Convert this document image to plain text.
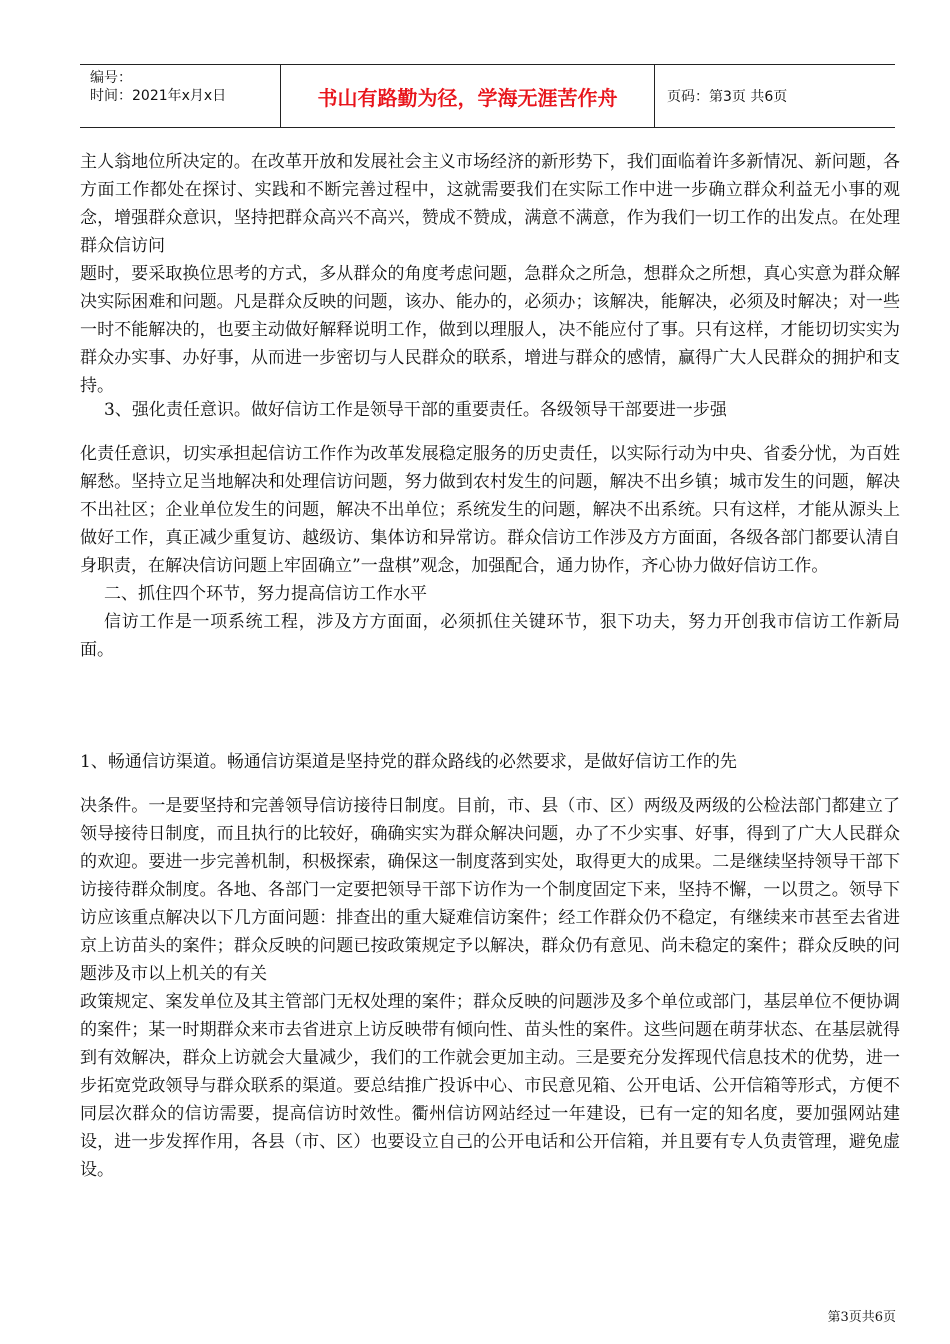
编号：
时间：2021年x月x日	书山有路勤为径，学海无涯苦作舟	页码：第3页 共6页

主人翁地位所决定的。在改革开放和发展社会主义市场经济的新形势下，我们面临着许多新情况、新问题，各方面工作都处在探讨、实践和不断完善过程中，这就需要我们在实际工作中进一步确立群众利益无小事的观念，增强群众意识，坚持把群众高兴不高兴，赞成不赞成，满意不满意，作为我们一切工作的出发点。在处理群众信访问

题时，要采取换位思考的方式，多从群众的角度考虑问题，急群众之所急，想群众之所想，真心实意为群众解决实际困难和问题。凡是群众反映的问题，该办、能办的，必须办；该解决，能解决，必须及时解决；对一些一时不能解决的，也要主动做好解释说明工作，做到以理服人，决不能应付了事。只有这样，才能切切实实为群众办实事、办好事，从而进一步密切与人民群众的联系，增进与群众的感情，赢得广大人民群众的拥护和支持。

3、强化责任意识。做好信访工作是领导干部的重要责任。各级领导干部要进一步强

化责任意识，切实承担起信访工作作为改革发展稳定服务的历史责任，以实际行动为中央、省委分忧，为百姓解愁。坚持立足当地解决和处理信访问题，努力做到农村发生的问题，解决不出乡镇；城市发生的问题，解决不出社区；企业单位发生的问题，解决不出单位；系统发生的问题，解决不出系统。只有这样，才能从源头上做好工作，真正减少重复访、越级访、集体访和异常访。群众信访工作涉及方方面面，各级各部门都要认清自身职责，在解决信访问题上牢固确立”一盘棋”观念，加强配合，通力协作，齐心协力做好信访工作。

二、抓住四个环节，努力提高信访工作水平

信访工作是一项系统工程，涉及方方面面，必须抓住关键环节，狠下功夫，努力开创我市信访工作新局面。

1、畅通信访渠道。畅通信访渠道是坚持党的群众路线的必然要求，是做好信访工作的先

决条件。一是要坚持和完善领导信访接待日制度。目前，市、县（市、区）两级及两级的公检法部门都建立了领导接待日制度，而且执行的比较好，确确实实为群众解决问题，办了不少实事、好事，得到了广大人民群众的欢迎。要进一步完善机制，积极探索，确保这一制度落到实处，取得更大的成果。二是继续坚持领导干部下访接待群众制度。各地、各部门一定要把领导干部下访作为一个制度固定下来，坚持不懈，一以贯之。领导下访应该重点解决以下几方面问题：排查出的重大疑难信访案件；经工作群众仍不稳定，有继续来市甚至去省进京上访苗头的案件；群众反映的问题已按政策规定予以解决，群众仍有意见、尚未稳定的案件；群众反映的问题涉及市以上机关的有关

政策规定、案发单位及其主管部门无权处理的案件；群众反映的问题涉及多个单位或部门，基层单位不便协调的案件；某一时期群众来市去省进京上访反映带有倾向性、苗头性的案件。这些问题在萌芽状态、在基层就得到有效解决，群众上访就会大量减少，我们的工作就会更加主动。三是要充分发挥现代信息技术的优势，进一步拓宽党政领导与群众联系的渠道。要总结推广投诉中心、市民意见箱、公开电话、公开信箱等形式，方便不同层次群众的信访需要，提高信访时效性。衢州信访网站经过一年建设，已有一定的知名度，要加强网站建设，进一步发挥作用，各县（市、区）也要设立自己的公开电话和公开信箱，并且要有专人负责管理，避免虚设。

第3页共6页
